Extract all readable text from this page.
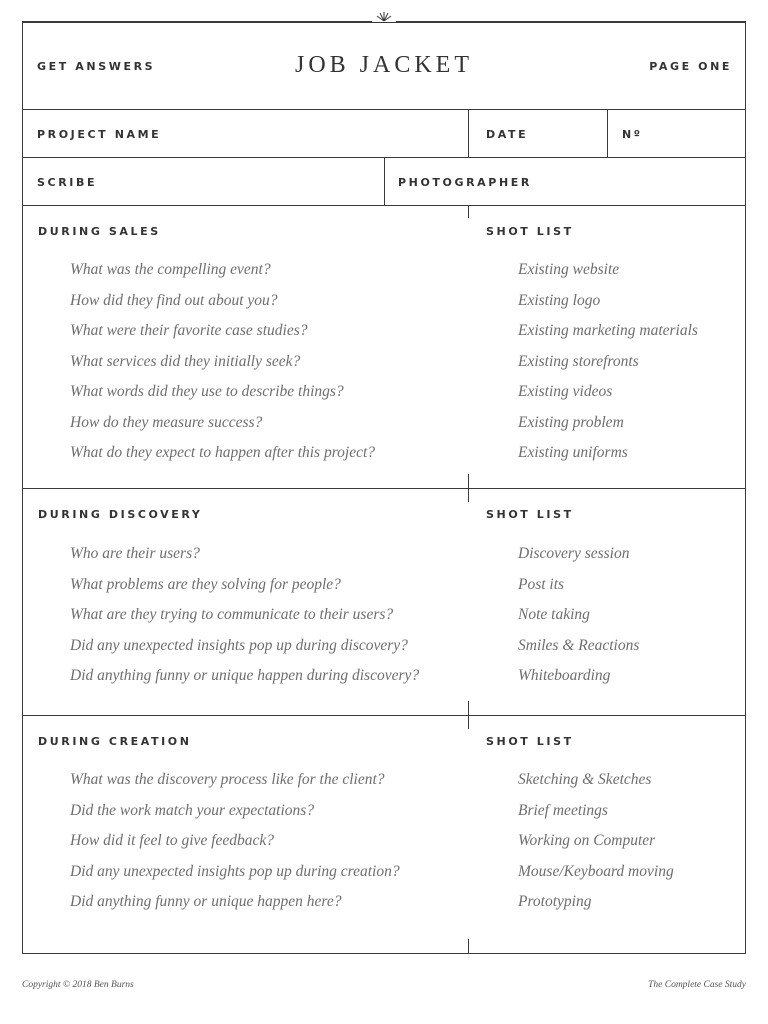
GET ANSWERS	JOB JACKET	PAGE ONE
PROJECT NAME	DATE	Nº
SCRIBE	PHOTOGRAPHER
DURING SALES	SHOT LIST
What was the compelling event?
How did they find out about you?
What were their favorite case studies?
What services did they initially seek?
What words did they use to describe things?
How do they measure success?
What do they expect to happen after this project?
Existing website
Existing logo
Existing marketing materials
Existing storefronts
Existing videos
Existing problem
Existing uniforms
DURING DISCOVERY	SHOT LIST
Who are their users?
What problems are they solving for people?
What are they trying to communicate to their users?
Did any unexpected insights pop up during discovery?
Did anything funny or unique happen during discovery?
Discovery session
Post its
Note taking
Smiles & Reactions
Whiteboarding
DURING CREATION	SHOT LIST
What was the discovery process like for the client?
Did the work match your expectations?
How did it feel to give feedback?
Did any unexpected insights pop up during creation?
Did anything funny or unique happen here?
Sketching & Sketches
Brief meetings
Working on Computer
Mouse/Keyboard moving
Prototyping
Copyright © 2018 Ben Burns	The Complete Case Study
